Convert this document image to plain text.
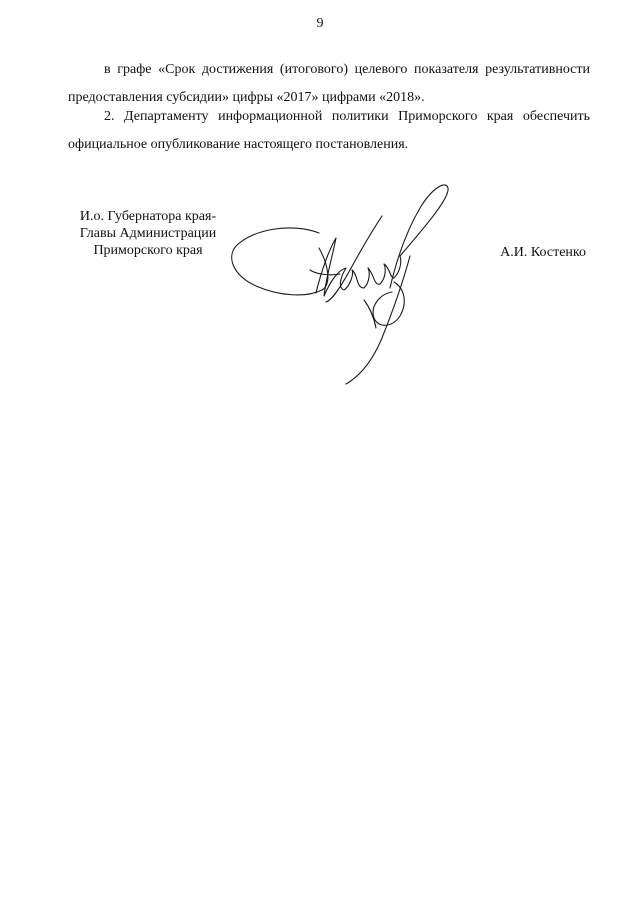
9
в графе «Срок достижения (итогового) целевого показателя результативности
предоставления субсидии» цифры «2017» цифрами «2018».
2. Департаменту информационной политики Приморского края обеспечить
официальное опубликование настоящего постановления.
И.о. Губернатора края-
Главы Администрации
Приморского края	А.И. Костенко
